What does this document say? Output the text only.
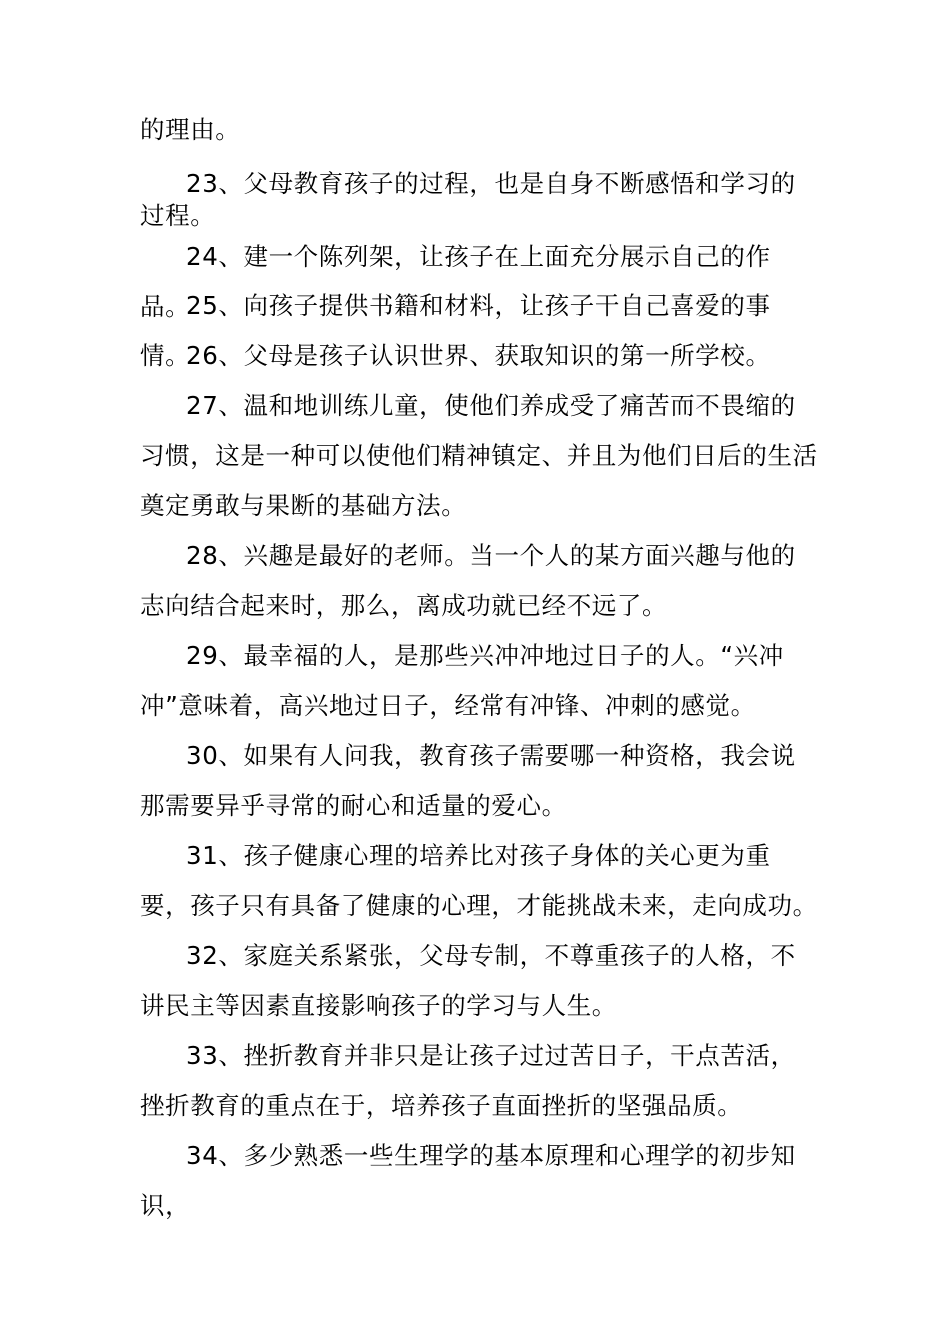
的理由。

23、父母教育孩子的过程，也是自身不断感悟和学习的过程。

24、建一个陈列架，让孩子在上面充分展示自己的作品。

25、向孩子提供书籍和材料，让孩子干自己喜爱的事情。

26、父母是孩子认识世界、获取知识的第一所学校。

27、温和地训练儿童，使他们养成受了痛苦而不畏缩的习惯，这是一种可以使他们精神镇定、并且为他们日后的生活奠定勇敢与果断的基础方法。

28、兴趣是最好的老师。当一个人的某方面兴趣与他的志向结合起来时，那么，离成功就已经不远了。

29、最幸福的人，是那些兴冲冲地过日子的人。“兴冲冲”意味着，高兴地过日子，经常有冲锋、冲刺的感觉。

30、如果有人问我，教育孩子需要哪一种资格，我会说那需要异乎寻常的耐心和适量的爱心。

31、孩子健康心理的培养比对孩子身体的关心更为重要，孩子只有具备了健康的心理，才能挑战未来，走向成功。

32、家庭关系紧张，父母专制，不尊重孩子的人格，不讲民主等因素直接影响孩子的学习与人生。

33、挫折教育并非只是让孩子过过苦日子，干点苦活，挫折教育的重点在于，培养孩子直面挫折的坚强品质。

34、多少熟悉一些生理学的基本原理和心理学的初步知识，
